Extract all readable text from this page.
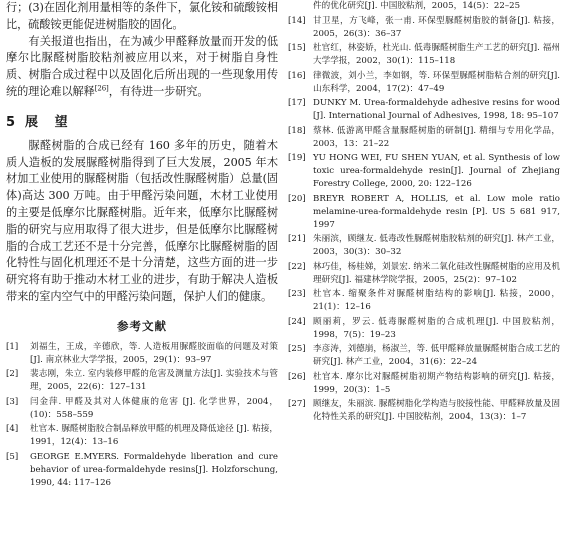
行；(3)在固化剂用量相等的条件下，氯化铵和硫酸铵相比，硫酸铵更能促进树脂胶的固化。

有关报道也指出，在为减少甲醛释放量而开发的低摩尔比脲醛树脂胶粘剂被应用以来，对于树脂自身性质、树脂合成过程中以及固化后所出现的一些现象用传统的理论难以解释[26]，有待进一步研究。

5 展 望

脲醛树脂的合成已经有 160 多年的历史，随着木质人造板的发展脲醛树脂得到了巨大发展，2005 年木材加工业使用的脲醛树脂（包括改性脲醛树脂）总量(固体)高达 300 万吨。由于甲醛污染问题，木材工业使用的主要是低摩尔比脲醛树脂。近年来，低摩尔比脲醛树脂的研究与应用取得了很大进步，但是低摩尔比脲醛树脂的合成工艺还不是十分完善，低摩尔比脲醛树脂的固化特性与固化机理还不是十分清楚，这些方面的进一步研究将有助于推动木材工业的进步，有助于解决人造板带来的室内空气中的甲醛污染问题，保护人们的健康。

参考文献
[1]	刘福生，王成，辛德欣，等. 人造板用脲醛胶面临的问题及对策[J]. 南京林业大学学报，2005，29(1)：93–97
[2]	裴志刚，朱立. 室内装修甲醛的危害及测量方法[J]. 实验技术与管理，2005，22(6)：127–131
[3]	闫金萍. 甲醛及其对人体健康的危害 [J]. 化学世界，2004，(10)：558–559
[4]	杜官本. 脲醛树脂胶合制品释放甲醛的机理及降低途径 [J]. 粘接，1991，12(4)：13–16
[5]	GEORGE E.MYERS. Formaldehyde liberation and cure behavior of urea-formaldehyde resins[J]. Holzforschung, 1990, 44: 117–126
件的优化研究[J]. 中国胶粘剂，2005，14(5)：22–25
[14] 甘卫星，方飞峰，张一甫. 环保型脲醛树脂胶的制备[J]. 粘接，2005，26(3)：36–37
[15] 杜官红，林姿娇，杜光山. 低毒脲醛树脂生产工艺的研究[J]. 福州大学学报，2002，30(1)：115–118
[16] 律微波，刘小兰，李如钢，等. 环保型脲醛树脂粘合剂的研究[J]. 山东科学，2004，17(2)：47–49
[17] DUNKY M. Urea-formaldehyde adhesive resins for wood [J]. International Journal of Adhesives, 1998, 18: 95–107
[18] 蔡林. 低游离甲醛含量脲醛树脂的研制[J]. 精细与专用化学品，2003，13：21–22
[19] YU HONG WEI, FU SHEN YUAN, et al. Synthesis of low toxic urea-formaldehyde resin[J]. Journal of Zhejiang Forestry College, 2000, 20: 122–126
[20] BREYR ROBERT A, HOLLIS, et al. Low mole ratio melamine-urea-formaldehyde resin [P]. US 5 681 917, 1997
[21] 朱丽滨，顾继友. 低毒改性脲醛树脂胶粘剂的研究[J]. 林产工业，2003，30(3)：30–32
[22] 林巧佳，杨桂娣，刘景宏. 纳米二氧化硅改性脲醛树脂的应用及机理研究[J]. 福建林学院学报，2005，25(2)：97–102
[23] 杜官本. 缩聚条件对脲醛树脂结构的影响[J]. 粘接，2000，21(1)：12–16
[24] 顾丽莉，罗云. 低毒脲醛树脂的合成机理[J]. 中国胶粘剂，1998，7(5)：19–23
[25] 李彦涛，刘德崩，杨淑兰，等. 低甲醛释放量脲醛树脂合成工艺的研究[J]. 林产工业，2004，31(6)：22–24
[26] 杜官本. 摩尔比对脲醛树脂初期产物结构影响的研究[J]. 粘接，1999，20(3)：1–5
[27] 顾继友，朱丽滨. 脲醛树脂化学构造与胶接性能、甲醛释放量及固化特性关系的研究[J]. 中国胶粘剂，2004，13(3)：1–7
